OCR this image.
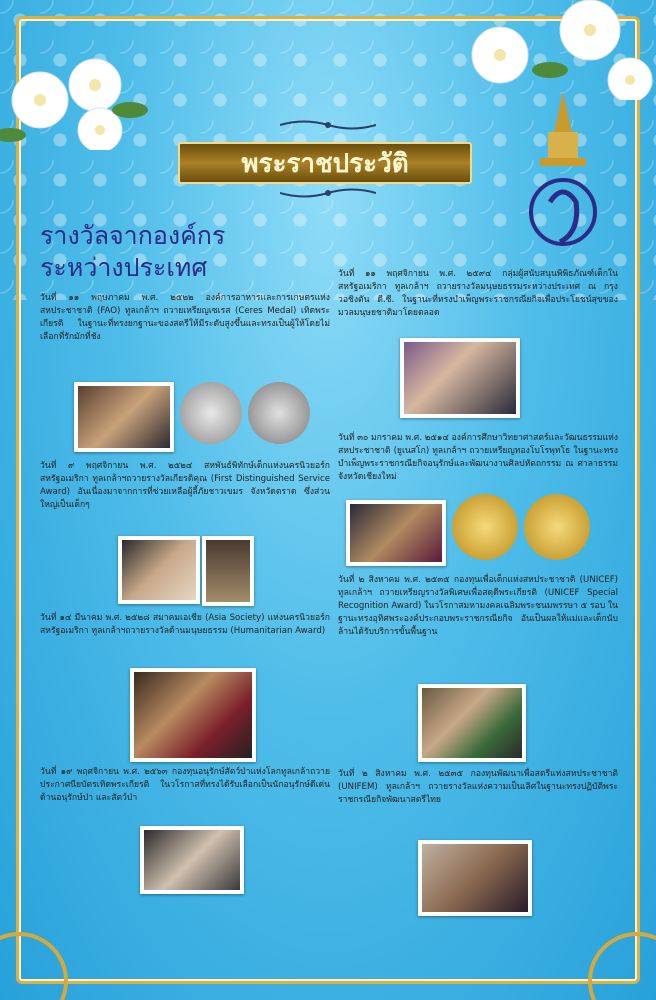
พระราชประวัติ
รางวัลจากองค์กร
ระหว่างประเทศ
วันที่ ๑๑ พฤษภาคม พ.ศ. ๒๕๒๒ องค์การอาหารและการเกษตรแห่งสหประชาชาติ (FAO) ทูลเกล้าฯ ถวายเหรียญเซเรส (Ceres Medal) เทิดพระเกียรติ ในฐานะที่ทรงยกฐานะของสตรีให้มีระดับสูงขึ้นและทรงเป็นผู้ให้โดยไม่เลือกที่รักมักที่ชัง
วันที่ ๙ พฤศจิกายน พ.ศ. ๒๕๒๔ สหพันธ์พิทักษ์เด็กแห่งนครนิวยอร์ก สหรัฐอเมริกา ทูลเกล้าฯถวายรางวัลเกียรติคุณ (First Distinguished Service Award) อันเนื่องมาจากการที่ช่วยเหลือผู้ลี้ภัยชาวเขมร จังหวัดตราด ซึ่งส่วนใหญ่เป็นเด็กๆ
วันที่ ๑๔ มีนาคม พ.ศ. ๒๕๒๘ สมาคมเอเชีย (Asia Society) แห่งนครนิวยอร์ก สหรัฐอเมริกา ทูลเกล้าฯถวายรางวัลด้านมนุษยธรรม (Humanitarian Award)
วันที่ ๑๙ พฤศจิกายน พ.ศ. ๒๕๖๓ กองทุนอนุรักษ์สัตว์ป่าแห่งโลกทูลเกล้าถวายประกาศนียบัตรเทิดพระเกียรติ ในวโรกาสที่ทรงได้รับเลือกเป็นนักอนุรักษ์ดีเด่น ด้านอนุรักษ์ป่า และสัตว์ป่า
วันที่ ๑๑ พฤศจิกายน พ.ศ. ๒๕๙๔ กลุ่มผู้สนับสนุนพิพิธภัณฑ์เด็กในสหรัฐอเมริกา ทูลเกล้าฯ ถวายรางวัลมนุษยธรรมระหว่างประเทศ ณ กรุงวอชิงตัน ดี.ซี. ในฐานะที่ทรงบำเพ็ญพระราชกรณียกิจเพื่อประโยชน์สุขของมวลมนุษยชาติมาโดยตลอด
วันที่ ๓๐ มกราคม พ.ศ. ๒๕๑๔ องค์การศึกษาวิทยาศาสตร์และวัฒนธรรมแห่งสหประชาชาติ (ยูเนสโก) ทูลเกล้าฯ ถวายเหรียญทองโบโรพุทโธ ในฐานะทรงบำเพ็ญพระราชกรณียกิจอนุรักษ์และพัฒนางานศิลปหัตถกรรม ณ ศาลาธรรมจังหวัดเชียงใหม่
วันที่ ๒ สิงหาคม พ.ศ. ๒๕๓๕ กองทุนเพื่อเด็กแห่งสหประชาชาติ (UNICEF) ทูลเกล้าฯ ถวายเหรียญรางวัลพิเศษเพื่อสดุดีพระเกียรติ (UNICEF Special Recognition Award) ในวโรกาสมหามงคลเฉลิมพระชนมพรรษา ๕ รอบ ในฐานะทรงอุทิศพระองค์ประกอบพระราชกรณียกิจ อันเป็นผลให้แม่และเด็กนับล้านได้รับบริการขั้นพื้นฐาน
วันที่ ๒ สิงหาคม พ.ศ. ๒๕๓๕ กองทุนพัฒนาเพื่อสตรีแห่งสหประชาชาติ (UNIFEM) ทูลเกล้าฯ ถวายรางวัลแห่งความเป็นเลิศในฐานะทรงปฏิบัติพระราชกรณียกิจพัฒนาสตรีไทย
